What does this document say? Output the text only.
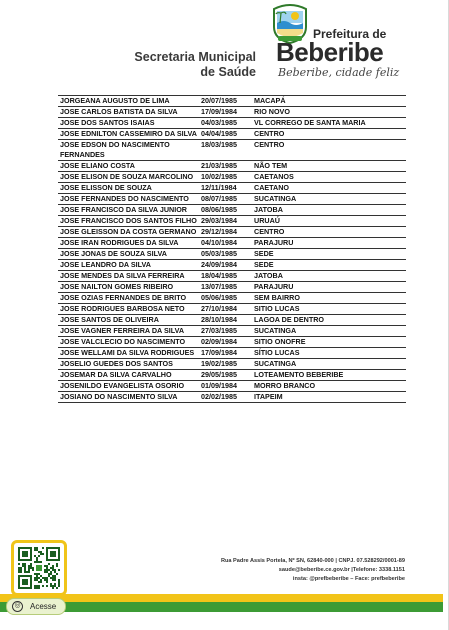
Secretaria Municipal
de Saúde
Prefeitura de
Beberibe
Beberibe, cidade feliz
JORGEANA AUGUSTO DE LIMA	20/07/1985	MACAPÁ
JOSE CARLOS BATISTA DA SILVA	17/09/1984	RIO NOVO
JOSE DOS SANTOS ISAIAS	04/03/1985	VL CORREGO DE SANTA MARIA
JOSE EDNILTON CASSEMIRO DA SILVA	04/04/1985	CENTRO
JOSE EDSON DO NASCIMENTO FERNANDES	18/03/1985	CENTRO
JOSE ELIANO COSTA	21/03/1985	NÃO TEM
JOSE ELISON DE SOUZA MARCOLINO	10/02/1985	CAETANOS
JOSE ELISSON DE SOUZA	12/11/1984	CAETANO
JOSE FERNANDES DO NASCIMENTO	08/07/1985	SUCATINGA
JOSE FRANCISCO DA SILVA JUNIOR	08/06/1985	JATOBA
JOSE FRANCISCO DOS SANTOS FILHO	29/03/1984	URUAÚ
JOSE GLEISSON DA COSTA GERMANO	29/12/1984	CENTRO
JOSE IRAN RODRIGUES DA SILVA	04/10/1984	PARAJURU
JOSE JONAS DE SOUZA SILVA	05/03/1985	SEDE
JOSE LEANDRO DA SILVA	24/09/1984	SEDE
JOSE MENDES DA SILVA FERREIRA	18/04/1985	JATOBA
JOSE NAILTON GOMES RIBEIRO	13/07/1985	PARAJURU
JOSE OZIAS FERNANDES DE BRITO	05/06/1985	SEM BAIRRO
JOSE RODRIGUES BARBOSA NETO	27/10/1984	SITIO LUCAS
JOSE SANTOS DE OLIVEIRA	28/10/1984	LAGOA DE DENTRO
JOSE VAGNER FERREIRA DA SILVA	27/03/1985	SUCATINGA
JOSE VALCLECIO DO NASCIMENTO	02/09/1984	SITIO ONOFRE
JOSE WELLAMI DA SILVA RODRIGUES	17/09/1984	SÍTIO LUCAS
JOSELIO GUEDES DOS SANTOS	19/02/1985	SUCATINGA
JOSEMAR DA SILVA CARVALHO	29/05/1985	LOTEAMENTO BEBERIBE
JOSENILDO EVANGELISTA OSORIO	01/09/1984	MORRO BRANCO
JOSIANO DO NASCIMENTO SILVA	02/02/1985	ITAPEIM
Rua Padre Assis Portela, Nº SN, 62840-000 | CNPJ. 07.528292/0001-89
saude@beberibe.ce.gov.br |Telefone: 3338.1151
insta: @prefbeberibe – Face: prefbeberibe
◎	Acesse
